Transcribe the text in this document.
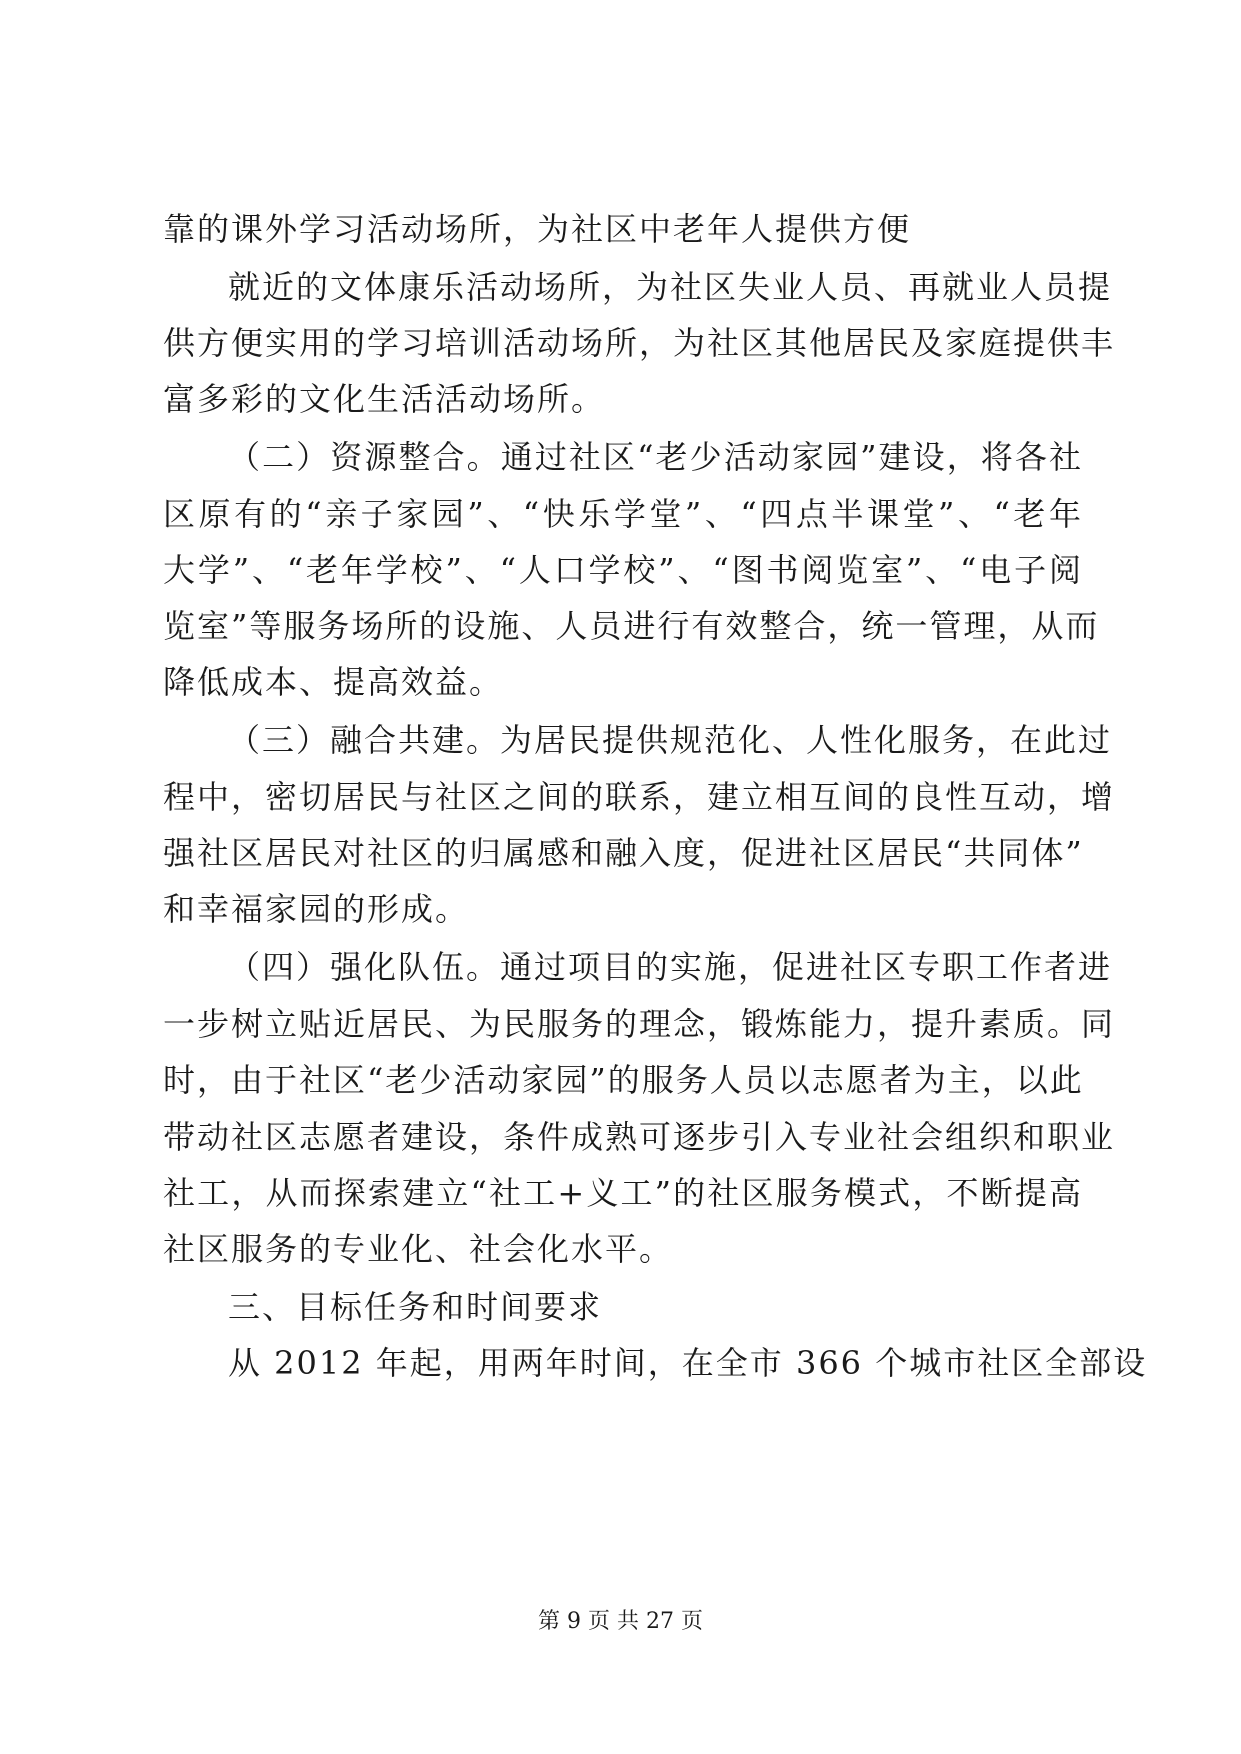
靠的课外学习活动场所，为社区中老年人提供方便
就近的文体康乐活动场所，为社区失业人员、再就业人员提
供方便实用的学习培训活动场所，为社区其他居民及家庭提供丰
富多彩的文化生活活动场所。
（二）资源整合。通过社区“老少活动家园”建设，将各社
区原有的“亲子家园”、“快乐学堂”、“四点半课堂”、“老年
大学”、“老年学校”、“人口学校”、“图书阅览室”、“电子阅
览室”等服务场所的设施、人员进行有效整合，统一管理，从而
降低成本、提高效益。
（三）融合共建。为居民提供规范化、人性化服务，在此过
程中，密切居民与社区之间的联系，建立相互间的良性互动，增
强社区居民对社区的归属感和融入度，促进社区居民“共同体”
和幸福家园的形成。
（四）强化队伍。通过项目的实施，促进社区专职工作者进
一步树立贴近居民、为民服务的理念，锻炼能力，提升素质。同
时，由于社区“老少活动家园”的服务人员以志愿者为主，以此
带动社区志愿者建设，条件成熟可逐步引入专业社会组织和职业
社工，从而探索建立“社工+义工”的社区服务模式，不断提高
社区服务的专业化、社会化水平。
三、目标任务和时间要求
从 2012 年起，用两年时间，在全市 366 个城市社区全部设
第 9 页 共 27 页
